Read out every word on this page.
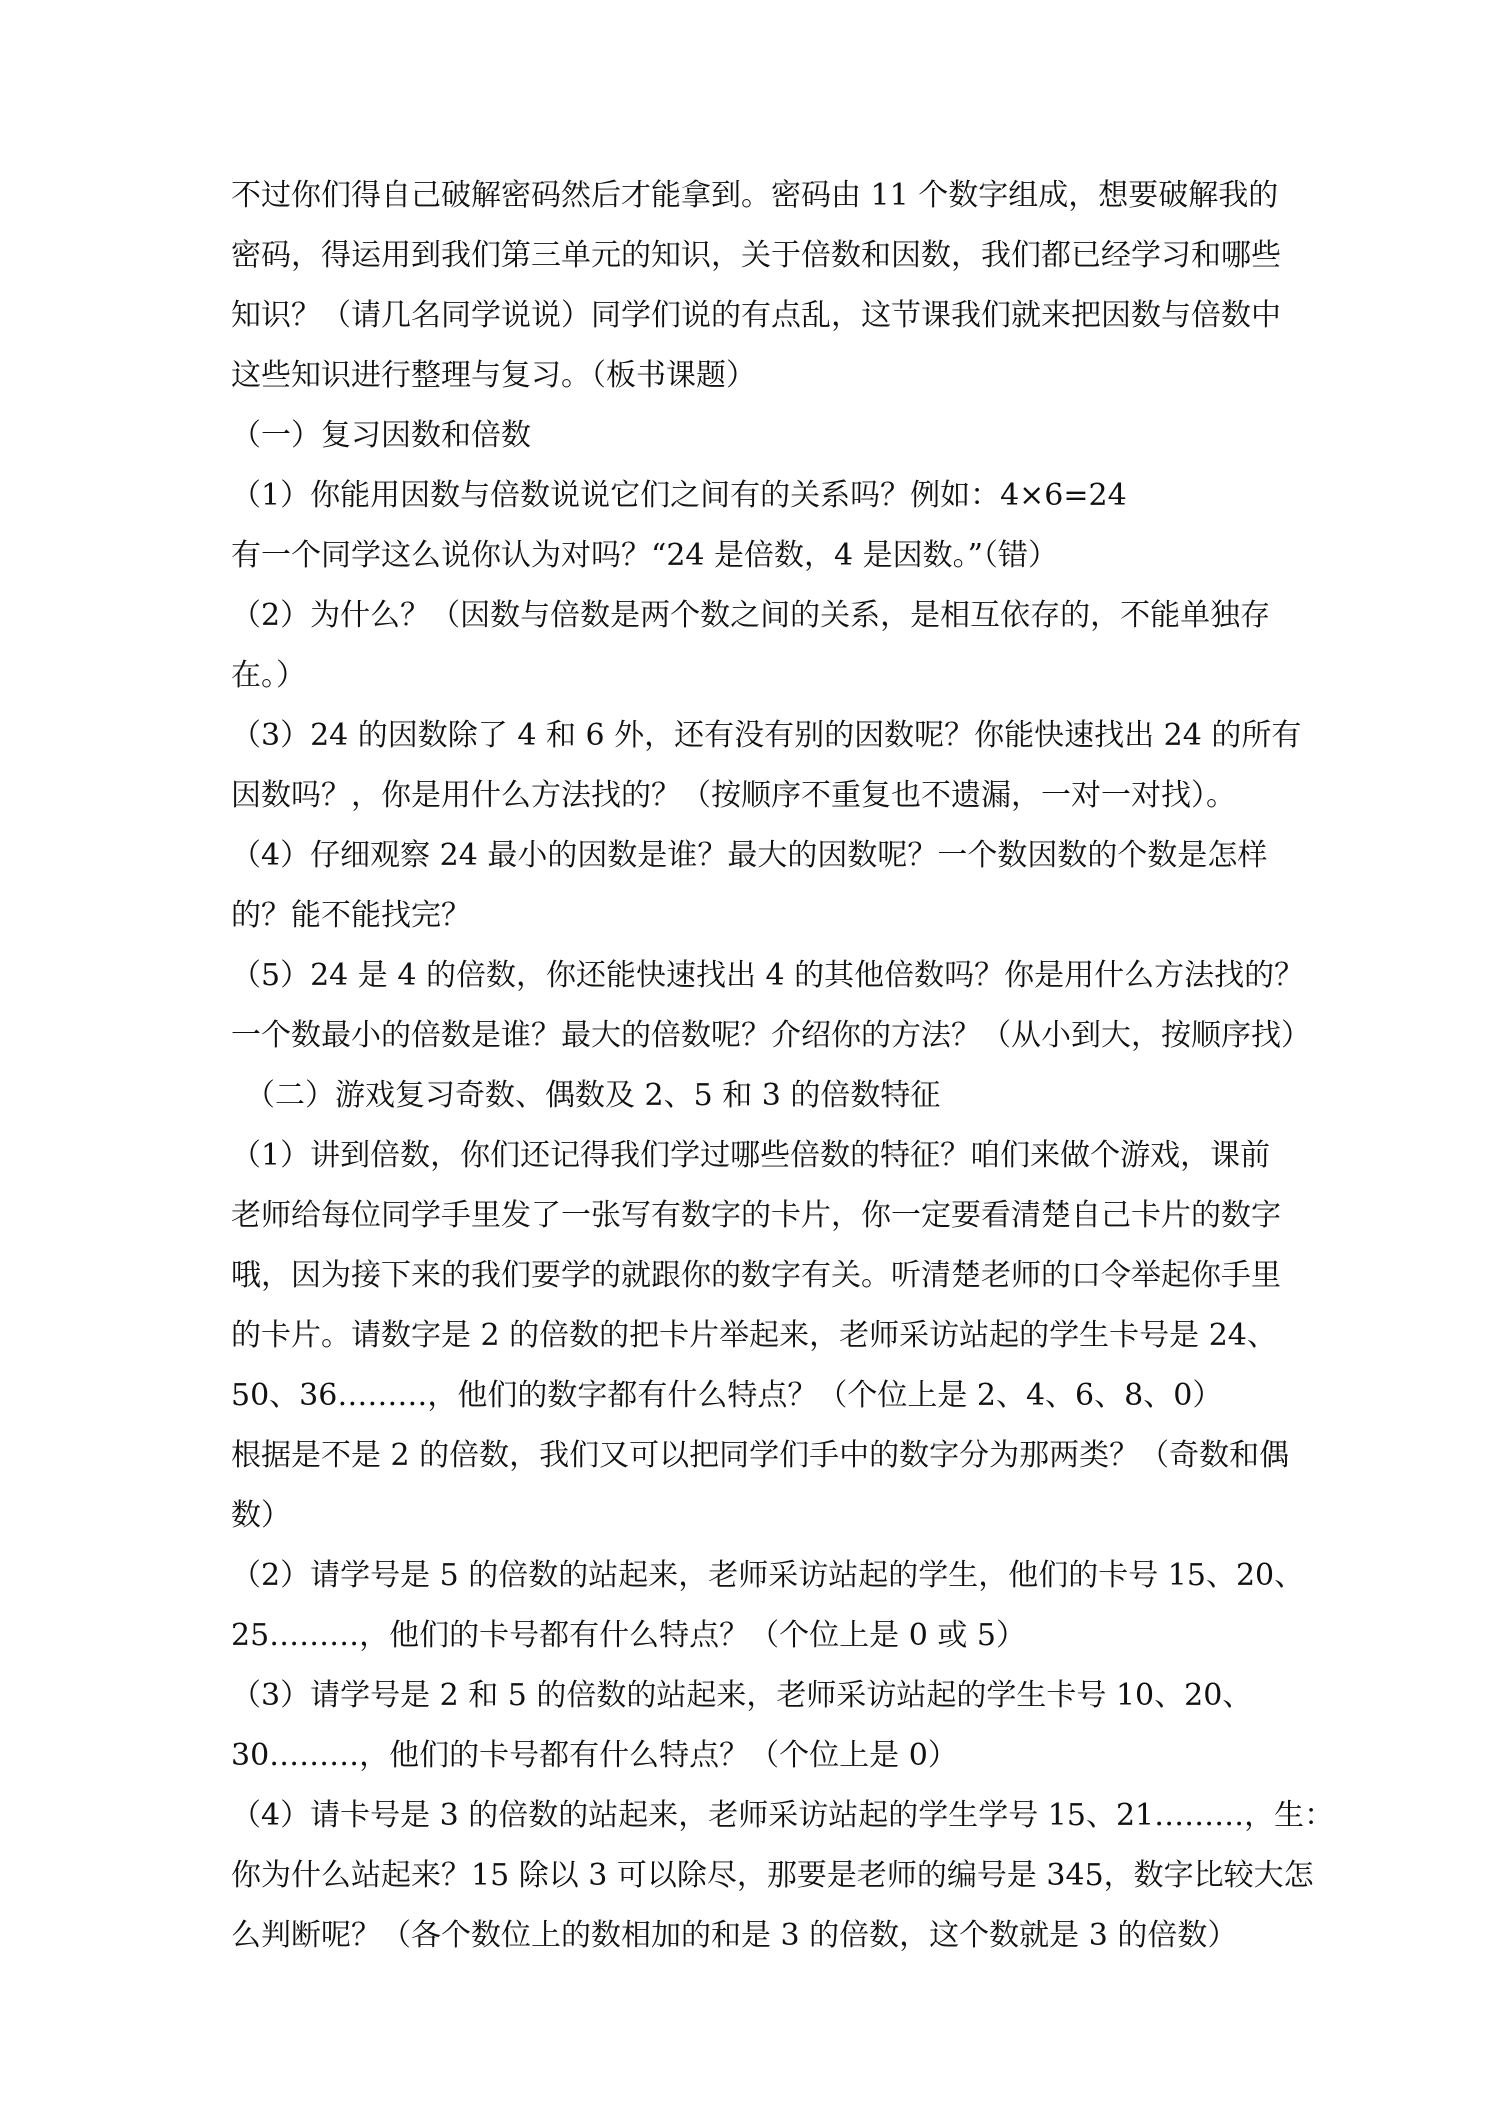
不过你们得自己破解密码然后才能拿到。密码由 11 个数字组成，想要破解我的
密码，得运用到我们第三单元的知识，关于倍数和因数，我们都已经学习和哪些
知识？（请几名同学说说）同学们说的有点乱，这节课我们就来把因数与倍数中
这些知识进行整理与复习。（板书课题）
（一）复习因数和倍数
（1）你能用因数与倍数说说它们之间有的关系吗？例如：4×6=24
有一个同学这么说你认为对吗？“24 是倍数，4 是因数。”（错）
（2）为什么？（因数与倍数是两个数之间的关系，是相互依存的，不能单独存
在。）
（3）24 的因数除了 4 和 6 外，还有没有别的因数呢？你能快速找出 24 的所有
因数吗？，你是用什么方法找的？（按顺序不重复也不遗漏，一对一对找）。
（4）仔细观察 24 最小的因数是谁？最大的因数呢？一个数因数的个数是怎样
的？能不能找完？
（5）24 是 4 的倍数，你还能快速找出 4 的其他倍数吗？你是用什么方法找的？
一个数最小的倍数是谁？最大的倍数呢？介绍你的方法？（从小到大，按顺序找）
（二）游戏复习奇数、偶数及 2、5 和 3 的倍数特征
（1）讲到倍数，你们还记得我们学过哪些倍数的特征？咱们来做个游戏，课前
老师给每位同学手里发了一张写有数字的卡片，你一定要看清楚自己卡片的数字
哦，因为接下来的我们要学的就跟你的数字有关。听清楚老师的口令举起你手里
的卡片。请数字是 2 的倍数的把卡片举起来，老师采访站起的学生卡号是 24、
50、36………，他们的数字都有什么特点？（个位上是 2、4、6、8、0）
根据是不是 2 的倍数，我们又可以把同学们手中的数字分为那两类？（奇数和偶
数）
（2）请学号是 5 的倍数的站起来，老师采访站起的学生，他们的卡号 15、20、
25………，他们的卡号都有什么特点？（个位上是 0 或 5）
（3）请学号是 2 和 5 的倍数的站起来，老师采访站起的学生卡号 10、20、
30………，他们的卡号都有什么特点？（个位上是 0）
（4）请卡号是 3 的倍数的站起来，老师采访站起的学生学号 15、21………，生：
你为什么站起来？15 除以 3 可以除尽，那要是老师的编号是 345，数字比较大怎
么判断呢？（各个数位上的数相加的和是 3 的倍数，这个数就是 3 的倍数）
